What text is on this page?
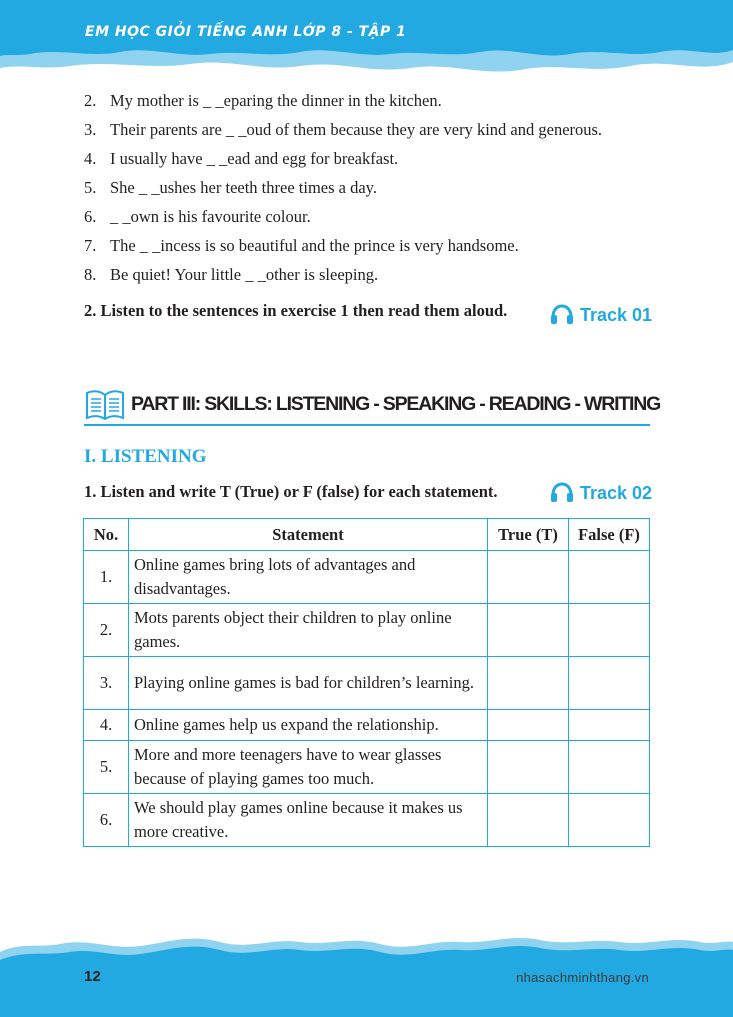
EM HỌC GIỎI TIẾNG ANH LỚP 8 - TẬP 1
2. My mother is _ _eparing the dinner in the kitchen.
3. Their parents are _ _oud of them because they are very kind and generous.
4. I usually have _ _ead and egg for breakfast.
5. She _ _ushes her teeth three times a day.
6. _ _own is his favourite colour.
7. The _ _incess is so beautiful and the prince is very handsome.
8. Be quiet! Your little _ _other is sleeping.
2. Listen to the sentences in exercise 1 then read them aloud.	Track 01
PART III: SKILLS: LISTENING - SPEAKING - READING - WRITING
I. LISTENING
1. Listen and write T (True) or F (false) for each statement.	Track 02
No.	Statement	True (T)	False (F)
1.	Online games bring lots of advantages and disadvantages.		
2.	Mots parents object their children to play online games.		
3.	Playing online games is bad for children’s learning.		
4.	Online games help us expand the relationship.		
5.	More and more teenagers have to wear glasses because of playing games too much.		
6.	We should play games online because it makes us more creative.		
12	nhasachminhthang.vn
